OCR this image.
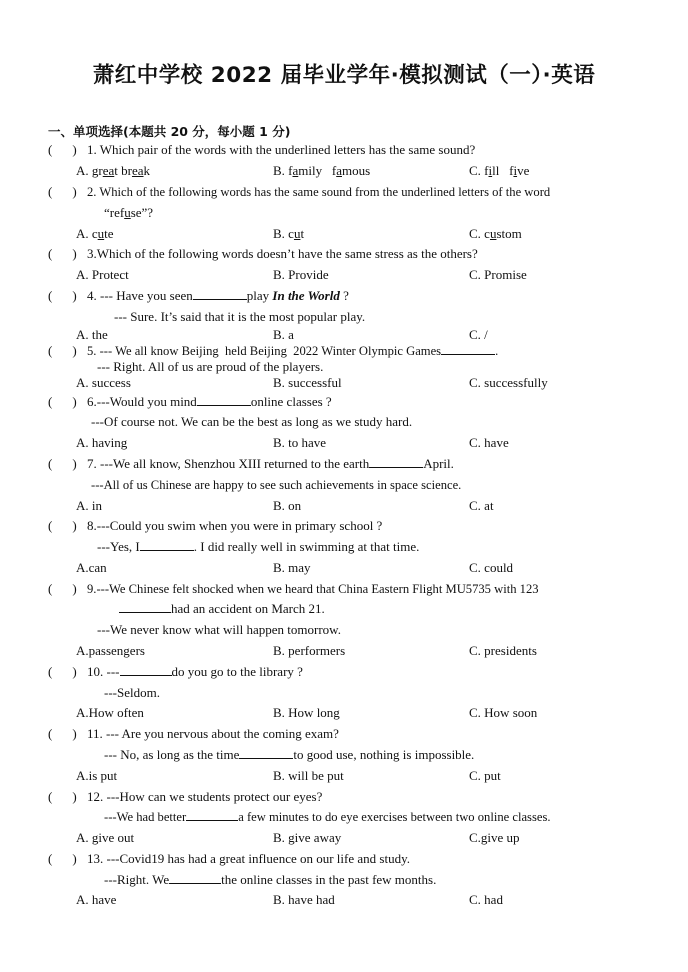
萧红中学校 2022 届毕业学年·模拟测试（一）·英语
一、单项选择(本题共 20 分，每小题 1 分)
( ) 1. Which pair of the words with the underlined letters has the same sound?
A. great break	B. family   famous	C. fill   five
( ) 2. Which of the following words has the same sound from the underlined letters of the word
“refuse”?
A. cute	B. cut	C. custom
( ) 3.Which of the following words doesn’t have the same stress as the others?
A. Protect	B. Provide	C. Promise
( ) 4. --- Have you seen	play In the World ?
--- Sure. It’s said that it is the most popular play.
A. the	B. a	C. /
( ) 5. --- We all know Beijing  held Beijing  2022 Winter Olympic Games	.
--- Right. All of us are proud of the players.
A. success	B. successful	C. successfully
( ) 6.---Would you mind	online classes ?
---Of course not. We can be the best as long as we study hard.
A. having	B. to have	C. have
( ) 7. ---We all know, Shenzhou XIII returned to the earth	April.
---All of us Chinese are happy to see such achievements in space science.
A. in	B. on	C. at
( ) 8.---Could you swim when you were in primary school ?
---Yes, I	. I did really well in swimming at that time.
A.can	B. may	C. could
( ) 9.---We Chinese felt shocked when we heard that China Eastern Flight MU5735 with 123
had an accident on March 21.
---We never know what will happen tomorrow.
A.passengers	B. performers	C. presidents
( ) 10. ---	do you go to the library ?
---Seldom.
A.How often	B. How long	C. How soon
( ) 11. --- Are you nervous about the coming exam?
--- No, as long as the time	to good use, nothing is impossible.
A.is put	B. will be put	C. put
( ) 12. ---How can we students protect our eyes?
---We had better	a few minutes to do eye exercises between two online classes.
A. give out	B. give away	C.give up
( ) 13. ---Covid19 has had a great influence on our life and study.
---Right. We	the online classes in the past few months.
A. have	B. have had	C. had
